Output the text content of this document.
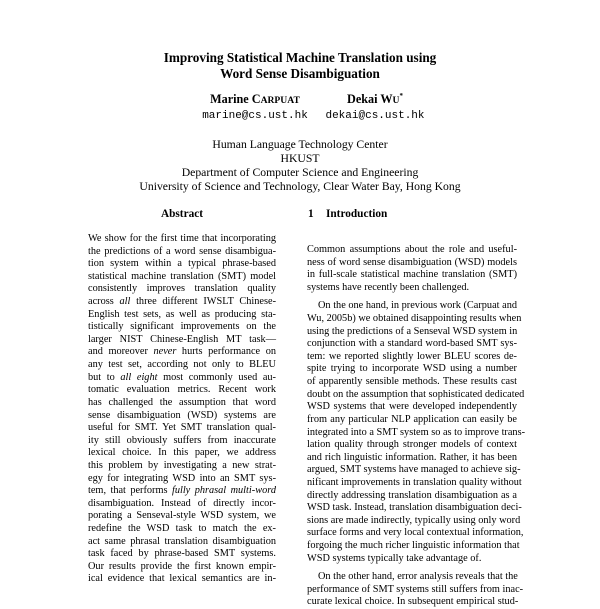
Improving Statistical Machine Translation using
Word Sense Disambiguation
Marine CARPUAT
marine@cs.ust.hk
Dekai WU*
dekai@cs.ust.hk
Human Language Technology Center
HKUST
Department of Computer Science and Engineering
University of Science and Technology, Clear Water Bay, Hong Kong
Abstract	1 Introduction
We show for the first time that incorporating
the predictions of a word sense disambigua-
tion system within a typical phrase-based
statistical machine translation (SMT) model
consistently improves translation quality
across all three different IWSLT Chinese-
English test sets, as well as producing sta-
tistically significant improvements on the
larger NIST Chinese-English MT task—
and moreover never hurts performance on
any test set, according not only to BLEU
but to all eight most commonly used au-
tomatic evaluation metrics. Recent work
has challenged the assumption that word
sense disambiguation (WSD) systems are
useful for SMT. Yet SMT translation qual-
ity still obviously suffers from inaccurate
lexical choice. In this paper, we address
this problem by investigating a new strat-
egy for integrating WSD into an SMT sys-
tem, that performs fully phrasal multi-word
disambiguation. Instead of directly incor-
porating a Senseval-style WSD system, we
redefine the WSD task to match the ex-
act same phrasal translation disambiguation
task faced by phrase-based SMT systems.
Our results provide the first known empir-
ical evidence that lexical semantics are in-
Common assumptions about the role and useful-
ness of word sense disambiguation (WSD) models
in full-scale statistical machine translation (SMT)
systems have recently been challenged.
On the one hand, in previous work (Carpuat and
Wu, 2005b) we obtained disappointing results when
using the predictions of a Senseval WSD system in
conjunction with a standard word-based SMT sys-
tem: we reported slightly lower BLEU scores de-
spite trying to incorporate WSD using a number
of apparently sensible methods. These results cast
doubt on the assumption that sophisticated dedicated
WSD systems that were developed independently
from any particular NLP application can easily be
integrated into a SMT system so as to improve trans-
lation quality through stronger models of context
and rich linguistic information. Rather, it has been
argued, SMT systems have managed to achieve sig-
nificant improvements in translation quality without
directly addressing translation disambiguation as a
WSD task. Instead, translation disambiguation deci-
sions are made indirectly, typically using only word
surface forms and very local contextual information,
forgoing the much richer linguistic information that
WSD systems typically take advantage of.
On the other hand, error analysis reveals that the
performance of SMT systems still suffers from inac-
curate lexical choice. In subsequent empirical stud-
